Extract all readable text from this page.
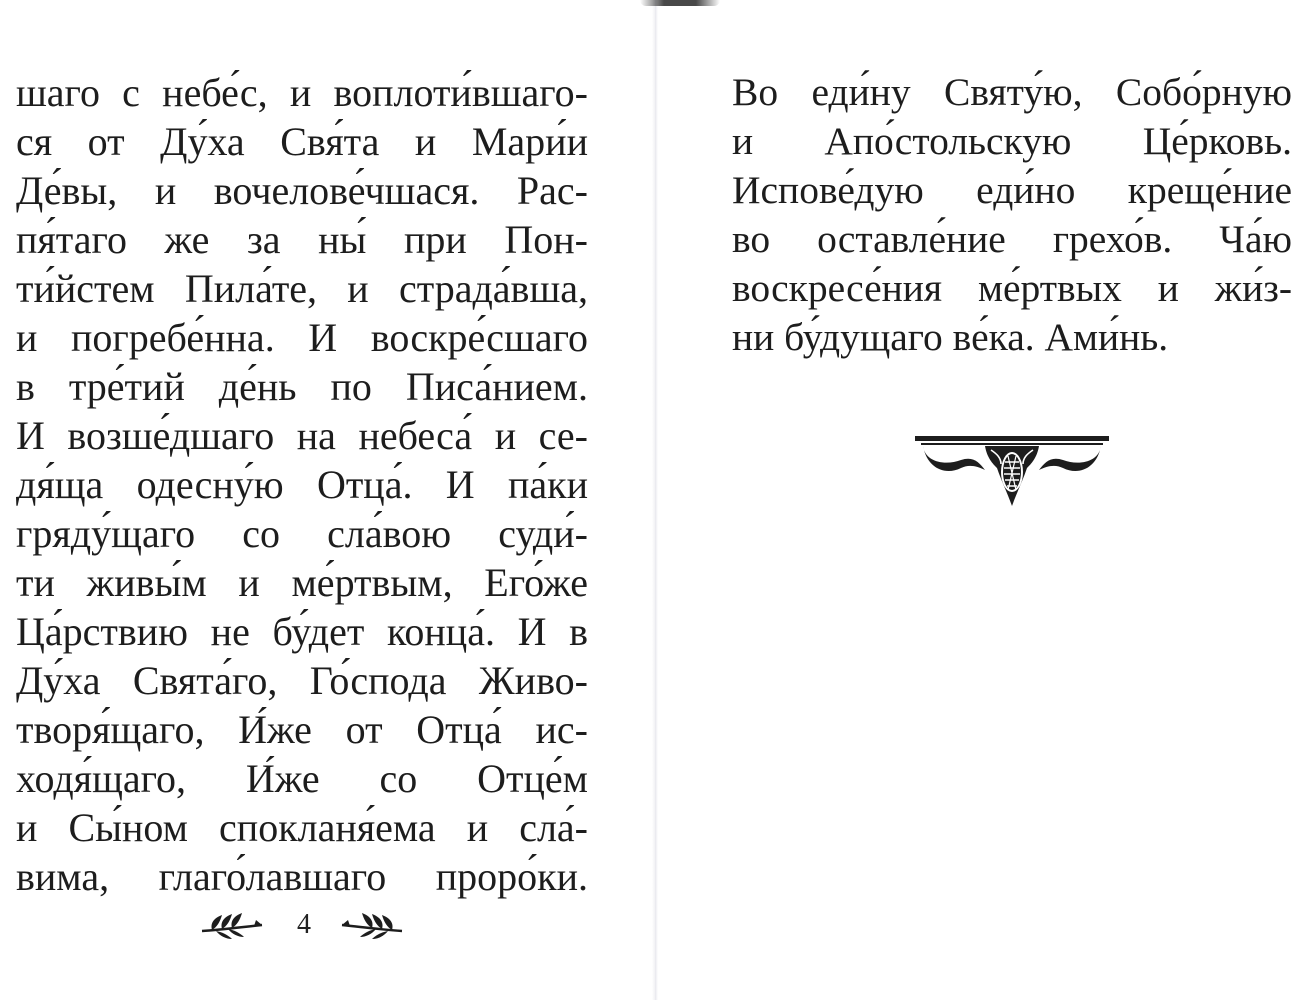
шаго с небе́с, и воплоти́вшаго-
ся от Ду́ха Свя́та и Мари́и
Де́вы, и вочелове́чшася. Рас-
пя́таго же за ны́ при Пон-
ти́йстем Пила́те, и страда́вша,
и погребе́нна. И воскре́сшаго
в тре́тий де́нь по Писа́нием.
И возше́дшаго на небеса́ и се-
дя́ща одесну́ю Отца́. И па́ки
гряду́щаго со сла́вою суди́-
ти живы́м и ме́ртвым, Его́же
Ца́рствию не бу́дет конца́. И в
Ду́ха Свята́го, Го́спода Живо-
творя́щаго, И́же от Отца́ ис-
ходя́щаго, И́же со Отце́м
и Сы́ном спокланя́ема и сла́-
вима, глаго́лавшаго проро́ки.
4
Во еди́ну Святу́ю, Собо́рную
и Апо́стольскую Це́рковь.
Испове́дую еди́но креще́ние
во оставле́ние грехо́в. Ча́ю
воскресе́ния ме́ртвых и жи́з-
ни бу́дущаго ве́ка. Ами́нь.
